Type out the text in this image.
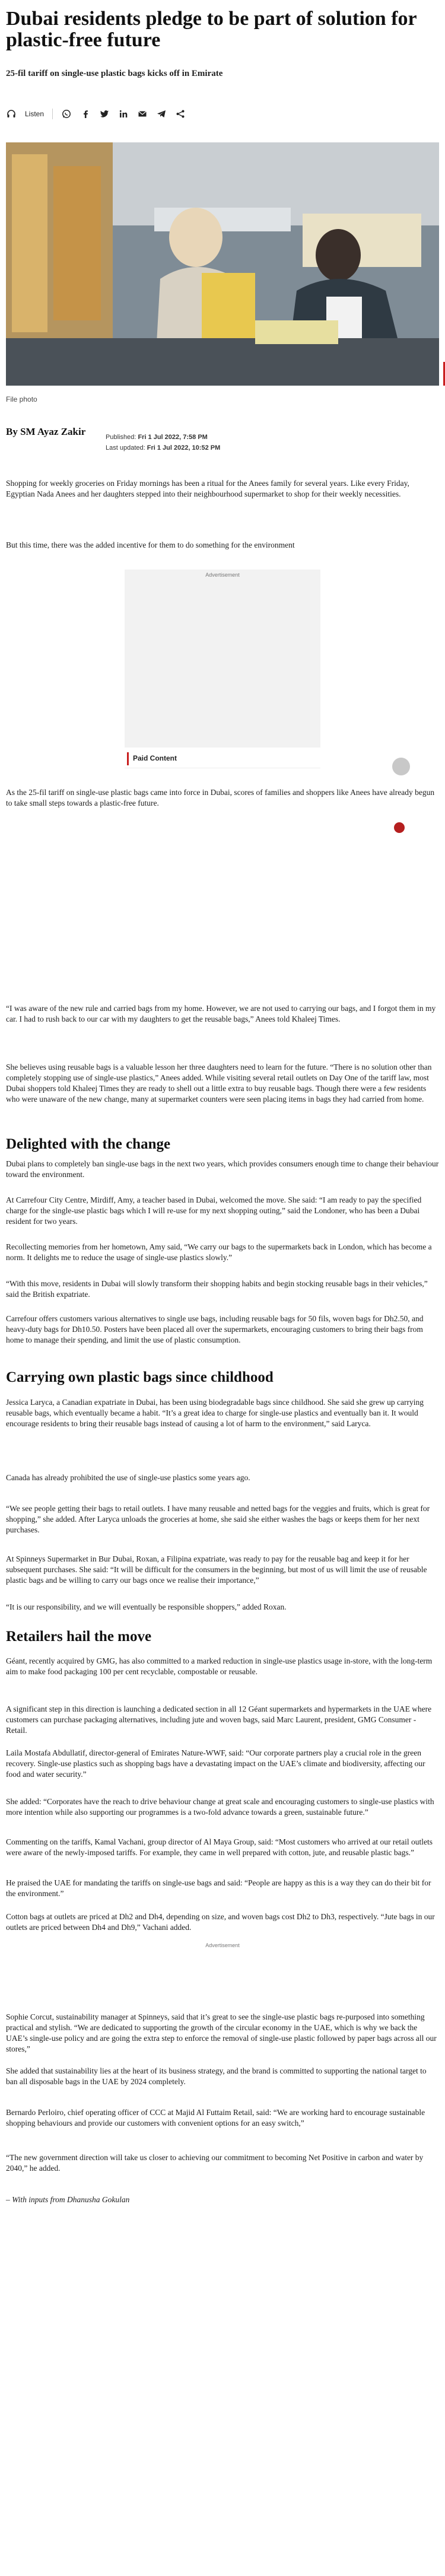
Dubai residents pledge to be part of solution for plastic-free future

25-fil tariff on single-use plastic bags kicks off in Emirate

Listen
File photo
By SM Ayaz Zakir	Published: Fri 1 Jul 2022, 7:58 PM
Last updated: Fri 1 Jul 2022, 10:52 PM

Shopping for weekly groceries on Friday mornings has been a ritual for the Anees family for several years. Like every Friday, Egyptian Nada Anees and her daughters stepped into their neighbourhood supermarket to shop for their weekly necessities.

But this time, there was the added incentive for them to do something for the environment

Advertisement
Paid Content

As the 25-fil tariff on single-use plastic bags came into force in Dubai, scores of families and shoppers like Anees have already begun to take small steps towards a plastic-free future.

“I was aware of the new rule and carried bags from my home. However, we are not used to carrying our bags, and I forgot them in my car. I had to rush back to our car with my daughters to get the reusable bags,” Anees told Khaleej Times.

She believes using reusable bags is a valuable lesson her three daughters need to learn for the future. “There is no solution other than completely stopping use of single-use plastics,” Anees added. While visiting several retail outlets on Day One of the tariff law, most Dubai shoppers told Khaleej Times they are ready to shell out a little extra to buy reusable bags. Though there were a few residents who were unaware of the new change, many at supermarket counters were seen placing items in bags they had carried from home.

Delighted with the change

Dubai plans to completely ban single-use bags in the next two years, which provides consumers enough time to change their behaviour toward the environment.

At Carrefour City Centre, Mirdiff, Amy, a teacher based in Dubai, welcomed the move. She said: “I am ready to pay the specified charge for the single-use plastic bags which I will re-use for my next shopping outing,” said the Londoner, who has been a Dubai resident for two years.

Recollecting memories from her hometown, Amy said, “We carry our bags to the supermarkets back in London, which has become a norm. It delights me to reduce the usage of single-use plastics slowly.”

“With this move, residents in Dubai will slowly transform their shopping habits and begin stocking reusable bags in their vehicles,” said the British expatriate.

Carrefour offers customers various alternatives to single use bags, including reusable bags for 50 fils, woven bags for Dh2.50, and heavy-duty bags for Dh10.50. Posters have been placed all over the supermarkets, encouraging customers to bring their bags from home to manage their spending, and limit the use of plastic consumption.

Carrying own plastic bags since childhood

Jessica Laryca, a Canadian expatriate in Dubai, has been using biodegradable bags since childhood. She said she grew up carrying reusable bags, which eventually became a habit. “It’s a great idea to charge for single-use plastics and eventually ban it. It would encourage residents to bring their reusable bags instead of causing a lot of harm to the environment,” said Laryca.

Canada has already prohibited the use of single-use plastics some years ago.

“We see people getting their bags to retail outlets. I have many reusable and netted bags for the veggies and fruits, which is great for shopping,” she added. After Laryca unloads the groceries at home, she said she either washes the bags or keeps them for her next purchases.

At Spinneys Supermarket in Bur Dubai, Roxan, a Filipina expatriate, was ready to pay for the reusable bag and keep it for her subsequent purchases. She said: “It will be difficult for the consumers in the beginning, but most of us will limit the use of reusable plastic bags and be willing to carry our bags once we realise their importance,”

“It is our responsibility, and we will eventually be responsible shoppers,” added Roxan.

Retailers hail the move

Géant, recently acquired by GMG, has also committed to a marked reduction in single-use plastics usage in-store, with the long-term aim to make food packaging 100 per cent recyclable, compostable or reusable.

A significant step in this direction is launching a dedicated section in all 12 Géant supermarkets and hypermarkets in the UAE where customers can purchase packaging alternatives, including jute and woven bags, said Marc Laurent, president, GMG Consumer - Retail.

Laila Mostafa Abdullatif, director-general of Emirates Nature-WWF, said: “Our corporate partners play a crucial role in the green recovery. Single-use plastics such as shopping bags have a devastating impact on the UAE’s climate and biodiversity, affecting our food and water security.”

She added: “Corporates have the reach to drive behaviour change at great scale and encouraging customers to single-use plastics with more intention while also supporting our programmes is a two-fold advance towards a green, sustainable future.”

Commenting on the tariffs, Kamal Vachani, group director of Al Maya Group, said: “Most customers who arrived at our retail outlets were aware of the newly-imposed tariffs. For example, they came in well prepared with cotton, jute, and reusable plastic bags.”

He praised the UAE for mandating the tariffs on single-use bags and said: “People are happy as this is a way they can do their bit for the environment.”

Cotton bags at outlets are priced at Dh2 and Dh4, depending on size, and woven bags cost Dh2 to Dh3, respectively. “Jute bags in our outlets are priced between Dh4 and Dh9,” Vachani added.

Advertisement

Sophie Corcut, sustainability manager at Spinneys, said that it’s great to see the single-use plastic bags re-purposed into something practical and stylish. “We are dedicated to supporting the growth of the circular economy in the UAE, which is why we back the UAE’s single-use policy and are going the extra step to enforce the removal of single-use plastic followed by paper bags across all our stores,”

She added that sustainability lies at the heart of its business strategy, and the brand is committed to supporting the national target to ban all disposable bags in the UAE by 2024 completely.

Bernardo Perloiro, chief operating officer of CCC at Majid Al Futtaim Retail, said: “We are working hard to encourage sustainable shopping behaviours and provide our customers with convenient options for an easy switch,”

“The new government direction will take us closer to achieving our commitment to becoming Net Positive in carbon and water by 2040,” he added.

– With inputs from Dhanusha Gokulan
